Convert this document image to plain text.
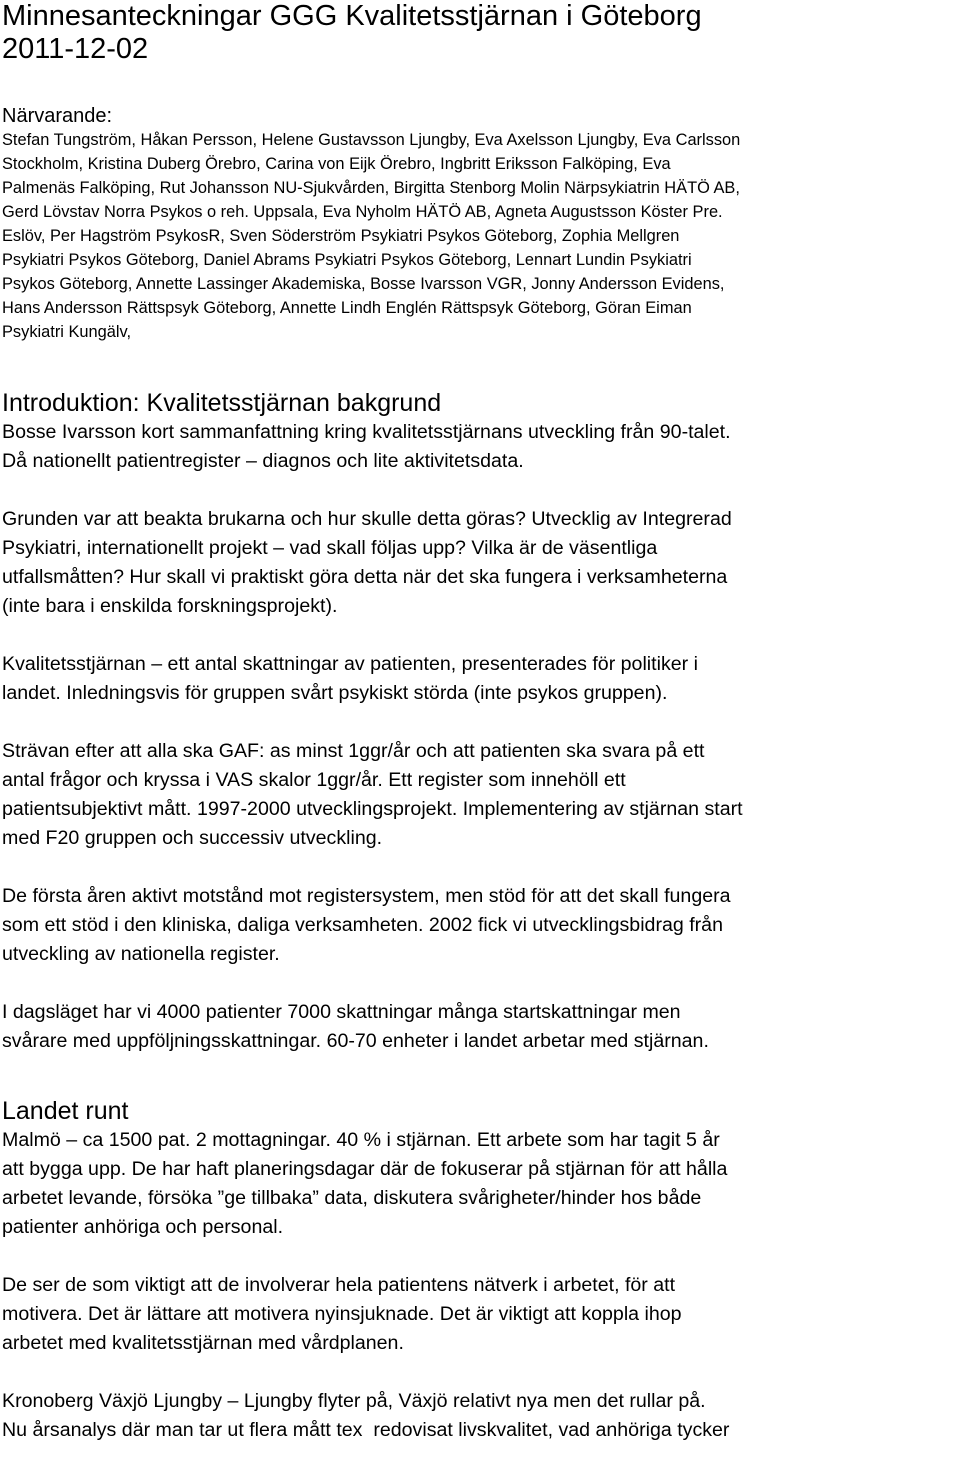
Minnesanteckningar GGG Kvalitetsstjärnan i Göteborg
2011-12-02
Närvarande:

Stefan Tungström, Håkan Persson, Helene Gustavsson Ljungby, Eva Axelsson Ljungby, Eva Carlsson
Stockholm, Kristina Duberg Örebro, Carina von Eijk Örebro, Ingbritt Eriksson Falköping, Eva
Palmenäs Falköping, Rut Johansson NU-Sjukvården, Birgitta Stenborg Molin Närpsykiatrin HÄTÖ AB,
Gerd Lövstav Norra Psykos o reh. Uppsala, Eva Nyholm HÄTÖ AB, Agneta Augustsson Köster Pre.
Eslöv, Per Hagström PsykosR, Sven Söderström Psykiatri Psykos Göteborg, Zophia Mellgren
Psykiatri Psykos Göteborg, Daniel Abrams Psykiatri Psykos Göteborg, Lennart Lundin Psykiatri
Psykos Göteborg, Annette Lassinger Akademiska, Bosse Ivarsson VGR, Jonny Andersson Evidens,
Hans Andersson Rättspsyk Göteborg, Annette Lindh Englén Rättspsyk Göteborg, Göran Eiman
Psykiatri Kungälv,

Introduktion: Kvalitetsstjärnan bakgrund

Bosse Ivarsson kort sammanfattning kring kvalitetsstjärnans utveckling från 90-talet.
Då nationellt patientregister – diagnos och lite aktivitetsdata.

Grunden var att beakta brukarna och hur skulle detta göras? Utvecklig av Integrerad
Psykiatri, internationellt projekt – vad skall följas upp? Vilka är de väsentliga
utfallsmåtten? Hur skall vi praktiskt göra detta när det ska fungera i verksamheterna
(inte bara i enskilda forskningsprojekt).

Kvalitetsstjärnan – ett antal skattningar av patienten, presenterades för politiker i
landet. Inledningsvis för gruppen svårt psykiskt störda (inte psykos gruppen).

Strävan efter att alla ska GAF: as minst 1ggr/år och att patienten ska svara på ett
antal frågor och kryssa i VAS skalor 1ggr/år. Ett register som innehöll ett
patientsubjektivt mått. 1997-2000 utvecklingsprojekt. Implementering av stjärnan start
med F20 gruppen och successiv utveckling.

De första åren aktivt motstånd mot registersystem, men stöd för att det skall fungera
som ett stöd i den kliniska, daliga verksamheten. 2002 fick vi utvecklingsbidrag från
utveckling av nationella register.

I dagsläget har vi 4000 patienter 7000 skattningar många startskattningar men
svårare med uppföljningsskattningar. 60-70 enheter i landet arbetar med stjärnan.

Landet runt

Malmö – ca 1500 pat. 2 mottagningar. 40 % i stjärnan. Ett arbete som har tagit 5 år
att bygga upp. De har haft planeringsdagar där de fokuserar på stjärnan för att hålla
arbetet levande, försöka ”ge tillbaka” data, diskutera svårigheter/hinder hos både
patienter anhöriga och personal.

De ser de som viktigt att de involverar hela patientens nätverk i arbetet, för att
motivera. Det är lättare att motivera nyinsjuknade. Det är viktigt att koppla ihop
arbetet med kvalitetsstjärnan med vårdplanen.

Kronoberg Växjö Ljungby – Ljungby flyter på, Växjö relativt nya men det rullar på.
Nu årsanalys där man tar ut flera mått tex  redovisat livskvalitet, vad anhöriga tycker
